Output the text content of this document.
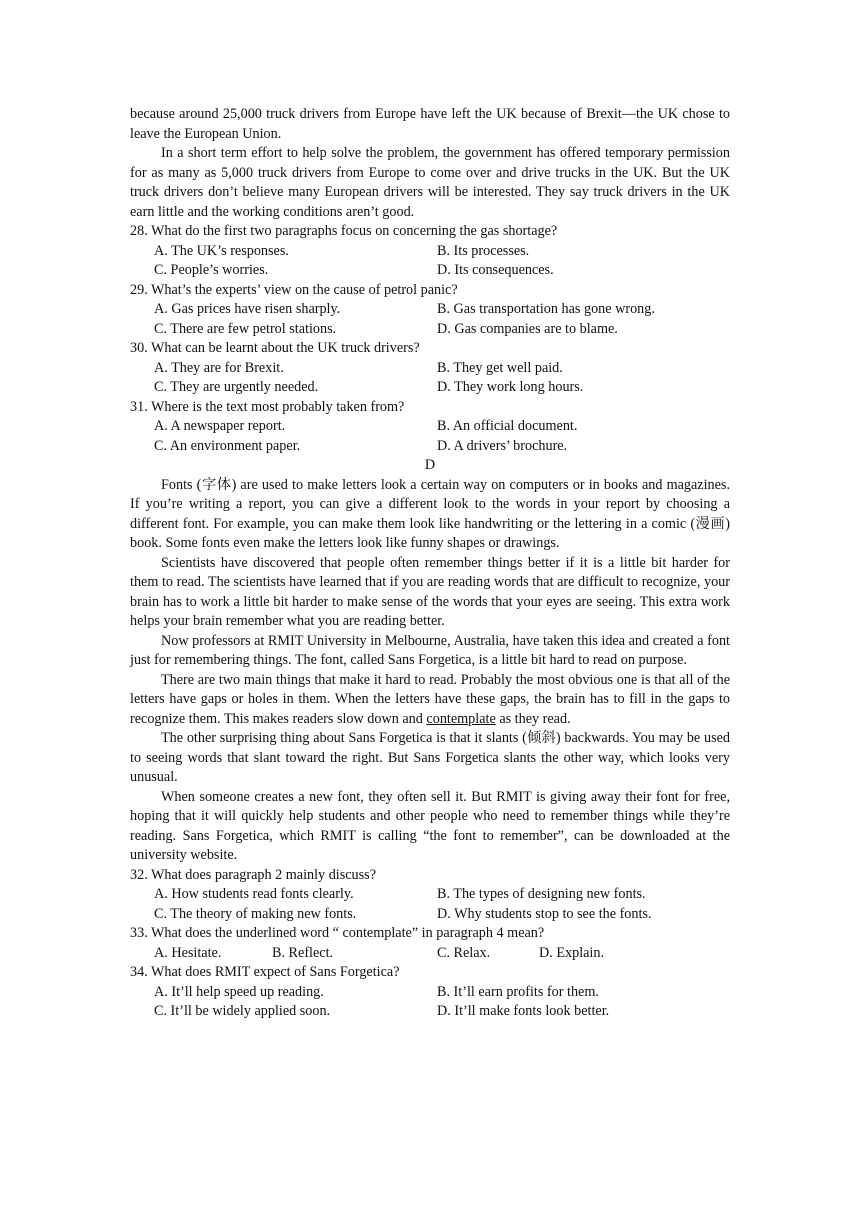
because around 25,000 truck drivers from Europe have left the UK because of Brexit—the UK chose to leave the European Union.

In a short term effort to help solve the problem, the government has offered temporary permission for as many as 5,000 truck drivers from Europe to come over and drive trucks in the UK. But the UK truck drivers don’t believe many European drivers will be interested. They say truck drivers in the UK earn little and the working conditions aren’t good.

28. What do the first two paragraphs focus on concerning the gas shortage?

A. The UK’s responses.	B. Its processes.
C. People’s worries.	D. Its consequences.

29. What’s the experts’ view on the cause of petrol panic?

A. Gas prices have risen sharply.	B. Gas transportation has gone wrong.
C. There are few petrol stations.	D. Gas companies are to blame.

30. What can be learnt about the UK truck drivers?

A. They are for Brexit.	B. They get well paid.
C. They are urgently needed.	D. They work long hours.

31. Where is the text most probably taken from?

A. A newspaper report.	B. An official document.
C. An environment paper.	D. A drivers’ brochure.

D

Fonts (字体) are used to make letters look a certain way on computers or in books and magazines. If you’re writing a report, you can give a different look to the words in your report by choosing a different font. For example, you can make them look like handwriting or the lettering in a comic (漫画) book. Some fonts even make the letters look like funny shapes or drawings.

Scientists have discovered that people often remember things better if it is a little bit harder for them to read. The scientists have learned that if you are reading words that are difficult to recognize, your brain has to work a little bit harder to make sense of the words that your eyes are seeing. This extra work helps your brain remember what you are reading better.

Now professors at RMIT University in Melbourne, Australia, have taken this idea and created a font just for remembering things. The font, called Sans Forgetica, is a little bit hard to read on purpose.

There are two main things that make it hard to read. Probably the most obvious one is that all of the letters have gaps or holes in them. When the letters have these gaps, the brain has to fill in the gaps to recognize them. This makes readers slow down and contemplate as they read.

The other surprising thing about Sans Forgetica is that it slants (倾斜) backwards. You may be used to seeing words that slant toward the right. But Sans Forgetica slants the other way, which looks very unusual.

When someone creates a new font, they often sell it. But RMIT is giving away their font for free, hoping that it will quickly help students and other people who need to remember things while they’re reading. Sans Forgetica, which RMIT is calling “the font to remember”, can be downloaded at the university website.

32. What does paragraph 2 mainly discuss?

A. How students read fonts clearly.	B. The types of designing new fonts.
C. The theory of making new fonts.	D. Why students stop to see the fonts.

33. What does the underlined word “ contemplate” in paragraph 4 mean?

A. Hesitate.	B. Reflect.	C. Relax.	D. Explain.

34. What does RMIT expect of Sans Forgetica?

A. It’ll help speed up reading.	B. It’ll earn profits for them.
C. It’ll be widely applied soon.	D. It’ll make fonts look better.
